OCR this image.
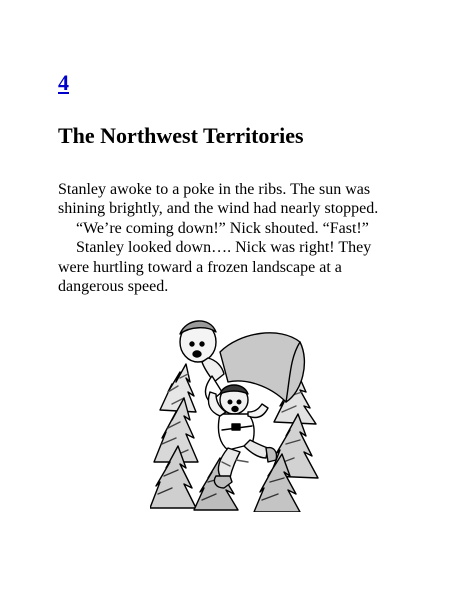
4
The Northwest Territories
Stanley awoke to a poke in the ribs. The sun was
shining brightly, and the wind had nearly stopped.
“We’re coming down!” Nick shouted. “Fast!”
Stanley looked down…. Nick was right! They
were hurtling toward a frozen landscape at a
dangerous speed.
